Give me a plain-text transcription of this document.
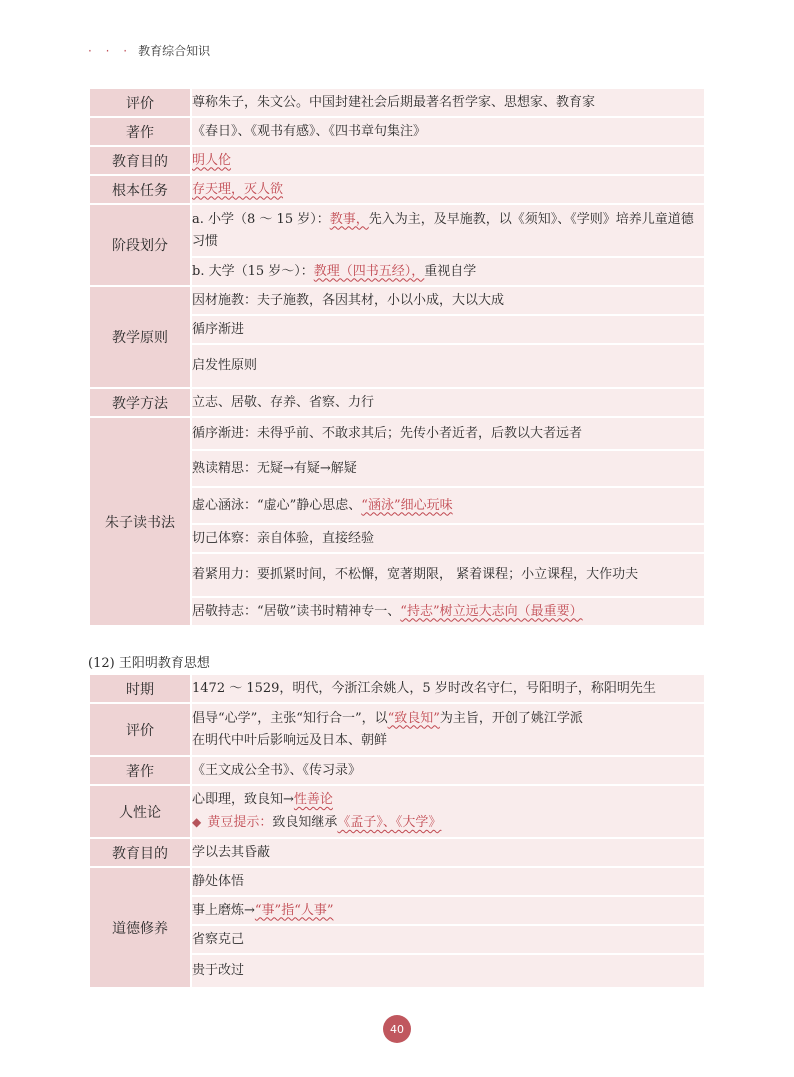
· · · 教育综合知识
评价	尊称朱子，朱文公。中国封建社会后期最著名哲学家、思想家、教育家
著作	《春日》、《观书有感》、《四书章句集注》
教育目的	明人伦
根本任务	存天理，灭人欲
阶段划分	a. 小学（8 ～ 15 岁）：教事，先入为主，及早施教，以《须知》、《学则》培养儿童道德习惯
	b. 大学（15 岁～）：教理（四书五经），重视自学
教学原则	因材施教：夫子施教，各因其材，小以小成，大以大成
	循序渐进
	启发性原则
教学方法	立志、居敬、存养、省察、力行
朱子读书法	循序渐进：未得乎前、不敢求其后；先传小者近者，后教以大者远者
	熟读精思：无疑→有疑→解疑
	虚心涵泳：“虚心”静心思虑、“涵泳”细心玩味
	切己体察：亲自体验，直接经验
	着紧用力：要抓紧时间，不松懈，宽著期限， 紧着课程；小立课程，大作功夫
	居敬持志：“居敬”读书时精神专一、“持志”树立远大志向（最重要）
(12) 王阳明教育思想
时期	1472 ～ 1529，明代，今浙江余姚人，5 岁时改名守仁，号阳明子，称阳明先生
评价	倡导“心学”，主张“知行合一”，以“致良知”为主旨，开创了姚江学派
在明代中叶后影响远及日本、朝鲜

著作	《王文成公全书》、《传习录》
人性论	心即理，致良知→性善论
◆ 黄豆提示：致良知继承《孟子》、《大学》

教育目的	学以去其昏蔽
道德修养	静处体悟
	事上磨炼→“事”指“人事”
	省察克己
	贵于改过
40
